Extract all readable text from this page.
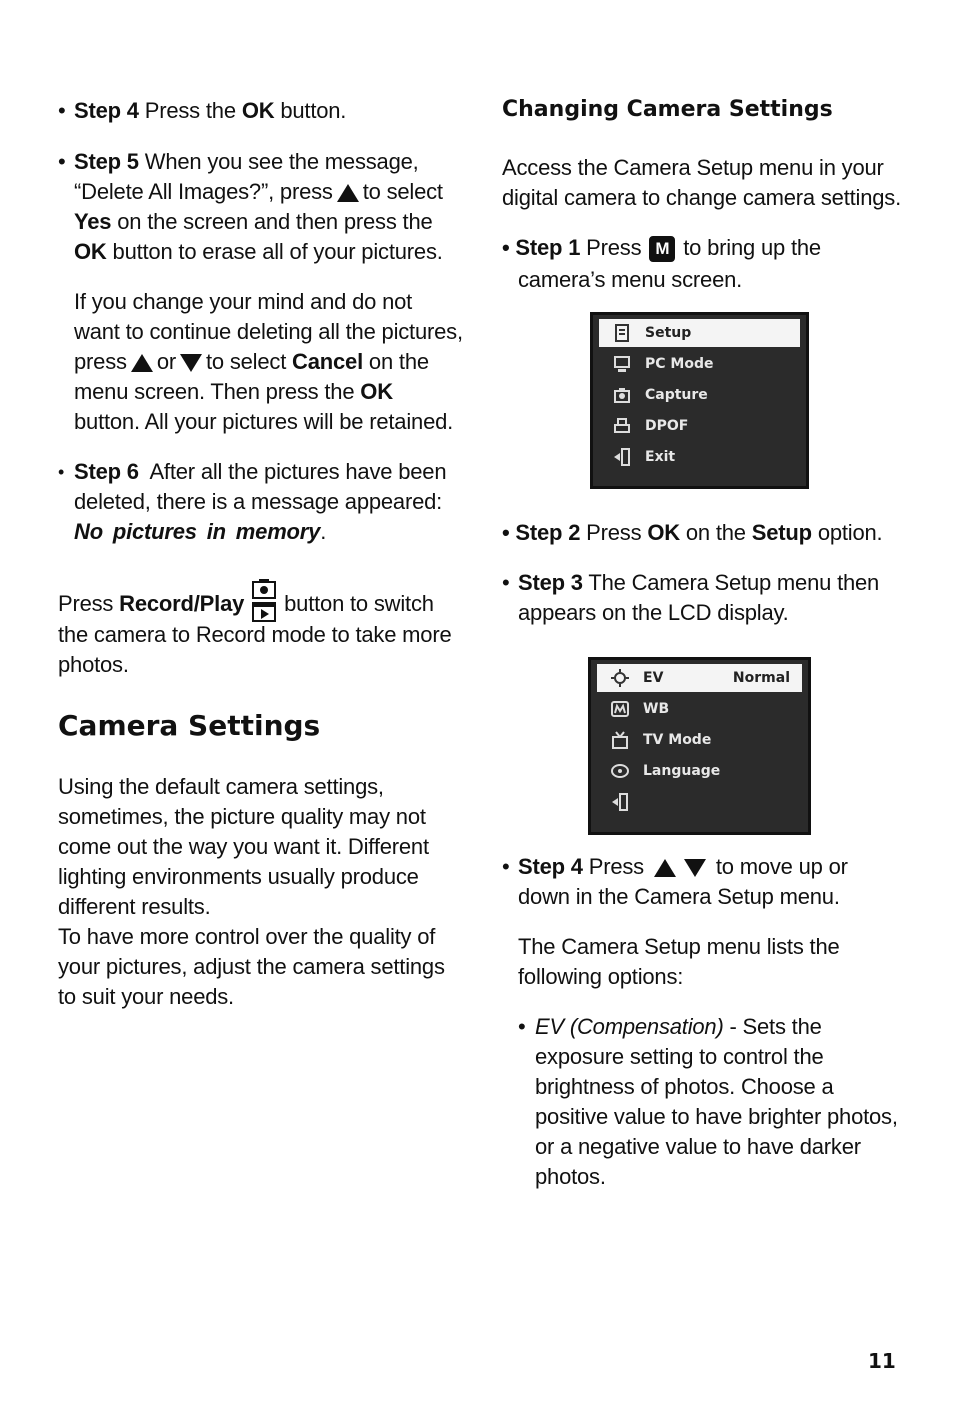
• Step 4 Press the OK button.

• Step 5 When you see the message,
“Delete All Images?”, press to select
Yes on the screen and then press the
OK button to erase all of your pictures.
If you change your mind and do not
want to continue deleting all the pictures,
press or to select Cancel on the
menu screen. Then press the OK
button. All your pictures will be retained.
• Step 6 After all the pictures have been
deleted, there is a message appeared:
No pictures in memory.
Press Record/Play button to switch
the camera to Record mode to take more
photos.
Camera Settings
Using the default camera settings,
sometimes, the picture quality may not
come out the way you want it. Different
lighting environments usually produce
different results.
To have more control over the quality of
your pictures, adjust the camera settings
to suit your needs.
Changing Camera Settings
Access the Camera Setup menu in your
digital camera to change camera settings.
• Step 1 Press M to bring up the
camera’s menu screen.
Setup
PC Mode
Capture
DPOF
Exit
• Step 2 Press OK on the Setup option.
• Step 3 The Camera Setup menu then
appears on the LCD display.
EV	Normal
WB
TV Mode
Language
• Step 4 Press	to move up or
down in the Camera Setup menu.
The Camera Setup menu lists the
following options:
• EV (Compensation) - Sets the
exposure setting to control the
brightness of photos. Choose a
positive value to have brighter photos,
or a negative value to have darker
photos.
11
